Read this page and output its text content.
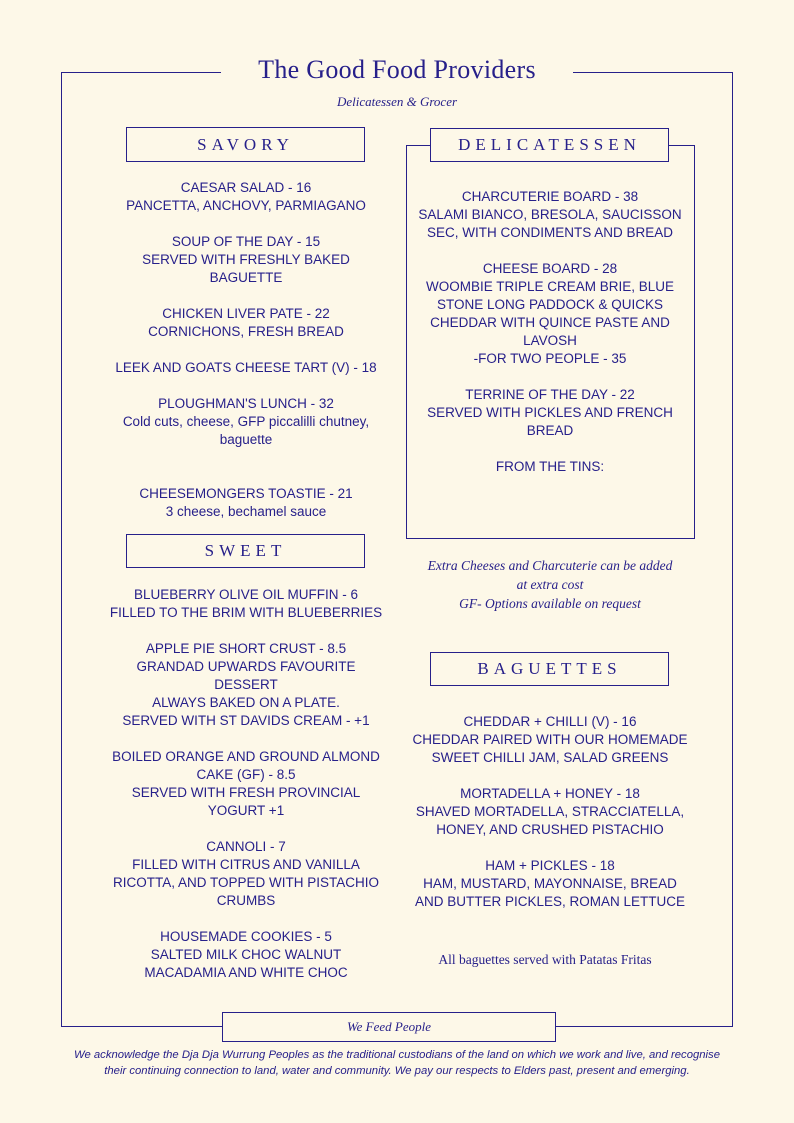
The Good Food Providers
Delicatessen & Grocer
SAVORY
CAESAR SALAD - 16
PANCETTA, ANCHOVY, PARMIAGANO
SOUP OF THE DAY - 15
SERVED WITH FRESHLY BAKED
BAGUETTE
CHICKEN LIVER PATE - 22
CORNICHONS, FRESH BREAD
LEEK AND GOATS CHEESE TART (V) - 18
PLOUGHMAN'S LUNCH - 32
Cold cuts, cheese, GFP piccalilli chutney,
baguette
CHEESEMONGERS TOASTIE - 21
3 cheese, bechamel sauce
SWEET
BLUEBERRY OLIVE OIL MUFFIN - 6
FILLED TO THE BRIM WITH BLUEBERRIES
APPLE PIE SHORT CRUST - 8.5
GRANDAD UPWARDS FAVOURITE
DESSERT
ALWAYS BAKED ON A PLATE.
SERVED WITH ST DAVIDS CREAM - +1
BOILED ORANGE AND GROUND ALMOND
CAKE (GF) - 8.5
SERVED WITH FRESH PROVINCIAL
YOGURT +1
CANNOLI - 7
FILLED WITH CITRUS AND VANILLA
RICOTTA, AND TOPPED WITH PISTACHIO
CRUMBS
HOUSEMADE COOKIES - 5
SALTED MILK CHOC WALNUT
MACADAMIA AND WHITE CHOC
DELICATESSEN
CHARCUTERIE BOARD - 38
SALAMI BIANCO, BRESOLA, SAUCISSON
SEC, WITH CONDIMENTS AND BREAD
CHEESE BOARD - 28
WOOMBIE TRIPLE CREAM BRIE, BLUE
STONE LONG PADDOCK & QUICKS
CHEDDAR WITH QUINCE PASTE AND
LAVOSH
-FOR TWO PEOPLE - 35
TERRINE OF THE DAY - 22
SERVED WITH PICKLES AND FRENCH
BREAD
FROM THE TINS:
Extra Cheeses and Charcuterie can be added
at extra cost
GF- Options available on request
BAGUETTES
CHEDDAR + CHILLI (V) - 16
CHEDDAR PAIRED WITH OUR HOMEMADE
SWEET CHILLI JAM, SALAD GREENS
MORTADELLA + HONEY - 18
SHAVED MORTADELLA, STRACCIATELLA,
HONEY, AND CRUSHED PISTACHIO
HAM + PICKLES - 18
HAM, MUSTARD, MAYONNAISE, BREAD
AND BUTTER PICKLES, ROMAN LETTUCE
All baguettes served with Patatas Fritas
We Feed People
We acknowledge the Dja Dja Wurrung Peoples as the traditional custodians of the land on which we work and live, and recognise their continuing connection to land, water and community. We pay our respects to Elders past, present and emerging.
